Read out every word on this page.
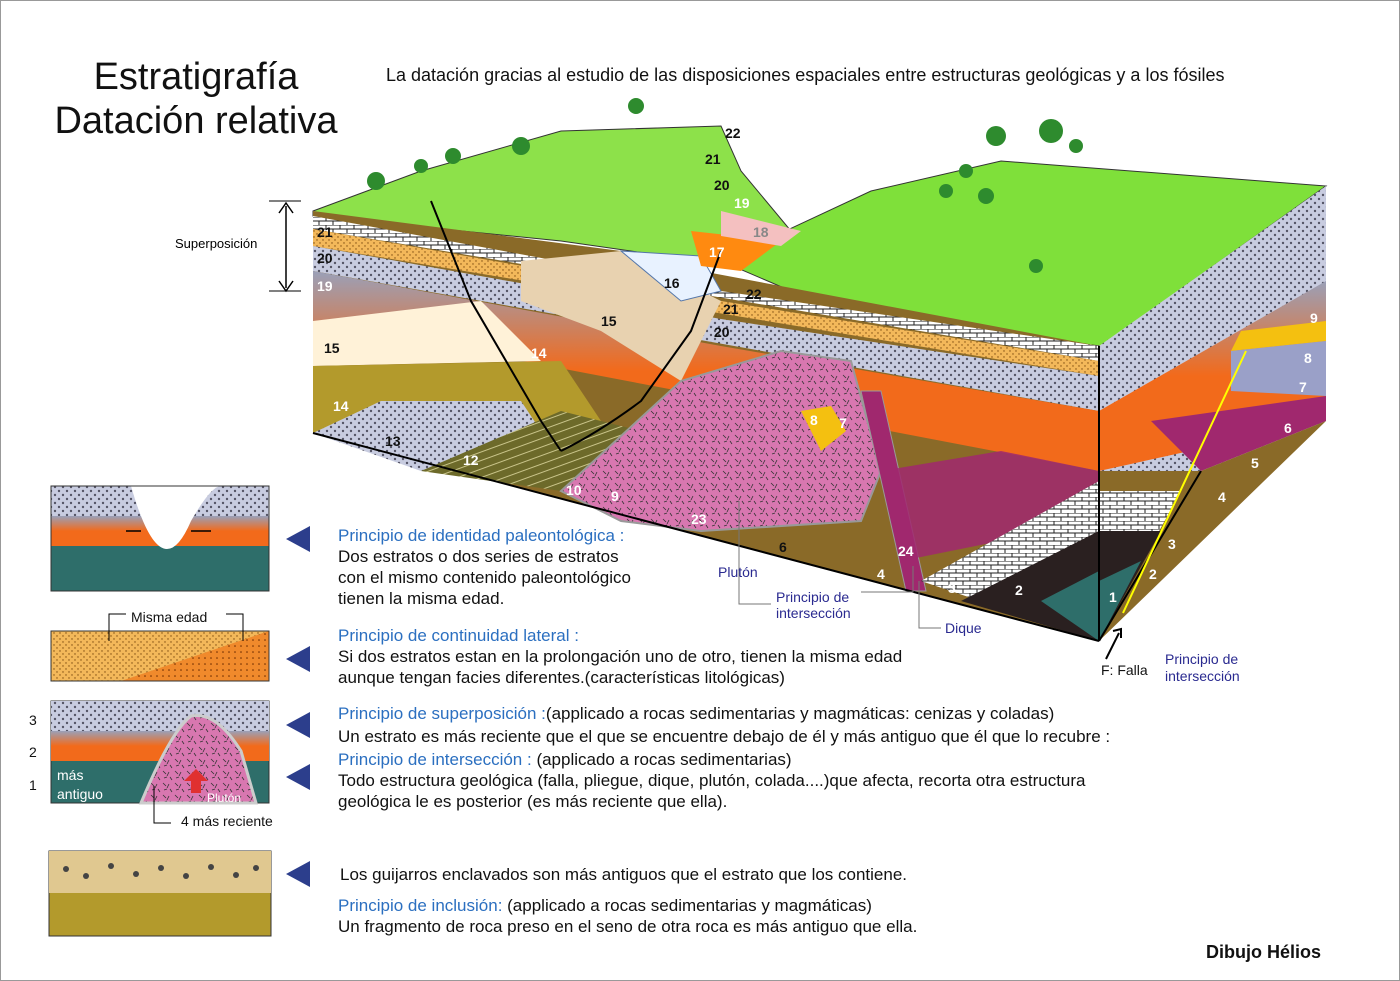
Estratigrafía
Datación relativa
La datación gracias al estudio de las disposiciones espaciales entre estructuras geológicas y a los fósiles
Superposición
22
21
20
19
18
17
16
15
14
21
20
19
15
14
13
12
22
21
20
9
8
7
6
5
4
8 7
10 9
23
6
4
24
3	2	1
2
3
Plutón
Principio de
intersección
Dique
F: Falla
Principio de
intersección
Misma edad
3
2
1
más
antiguo	Plutón
4 más reciente
Principio de identidad paleontológica :
Dos estratos o dos series de estratos
con el mismo contenido paleontológico
tienen la misma edad.
Principio de continuidad lateral :
Si dos estratos estan en la prolongación uno de otro, tienen la misma edad
aunque tengan facies diferentes.(características litológicas)
Principio de superposición :(applicado a rocas sedimentarias y magmáticas: cenizas y coladas)
Un estrato es más reciente que el que se encuentre debajo de él y más antiguo que él que lo recubre :
Principio de intersección : (applicado a rocas sedimentarias)
Todo estructura geológica (falla, pliegue, dique, plutón, colada....)que afecta, recorta otra estructura
geológica le es posterior (es más reciente que ella).
Los guijarros enclavados son más antiguos que el estrato que los contiene.
Principio de inclusión: (applicado a rocas sedimentarias y magmáticas)
Un fragmento de roca preso en el seno de otra roca es más antiguo que ella.
Dibujo Hélios
